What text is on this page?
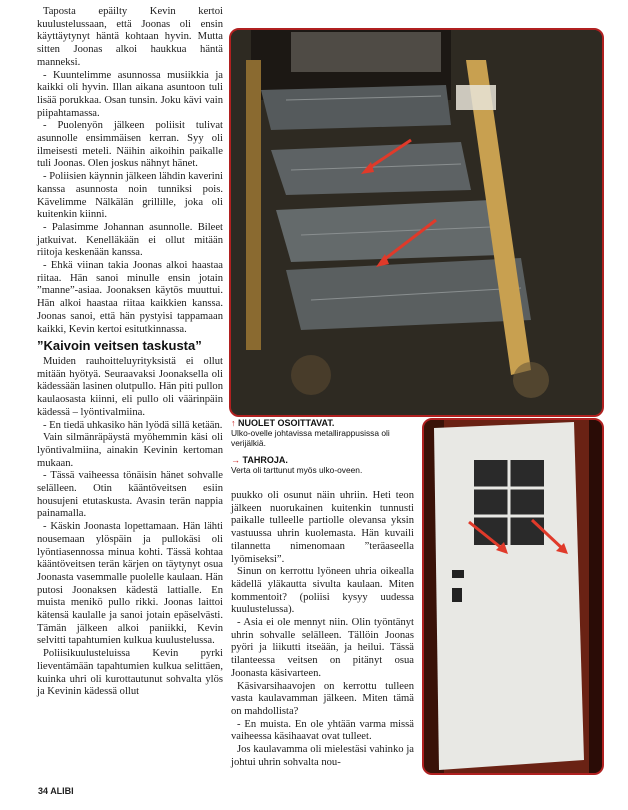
Taposta epäilty Kevin kertoi kuulustelussaan, että Joonas oli ensin käyttäytynyt häntä kohtaan hyvin. Mutta sitten Joonas alkoi haukkua häntä manneksi.

- Kuuntelimme asunnossa musiikkia ja kaikki oli hyvin. Illan aikana asuntoon tuli lisää porukkaa. Osan tunsin. Joku kävi vain piipahtamassa.

- Puolenyön jälkeen poliisit tulivat asunnolle ensimmäisen kerran. Syy oli ilmeisesti meteli. Näihin aikoihin paikalle tuli Joonas. Olen joskus nähnyt hänet.

- Poliisien käynnin jälkeen lähdin kaverini kanssa asunnosta noin tunniksi pois. Kävelimme Nälkälän grillille, joka oli kuitenkin kiinni.

- Palasimme Johannan asunnolle. Bileet jatkuivat. Kenelläkään ei ollut mitään riitoja keskenään kanssa.

- Ehkä viinan takia Joonas alkoi haastaa riitaa. Hän sanoi minulle ensin jotain ”manne”-asiaa. Joonaksen käytös muuttui. Hän alkoi haastaa riitaa kaikkien kanssa. Joonas sanoi, että hän pystyisi tappamaan kaikki, Kevin kertoi esitutkinnassa.

”Kaivoin veitsen taskusta”

Muiden rauhoitteluyrityksistä ei ollut mitään hyötyä. Seuraavaksi Joonaksella oli kädessään lasinen olutpullo. Hän piti pullon kaulaosasta kiinni, eli pullo oli väärinpäin kädessä – lyöntivalmiina.

- En tiedä uhkasiko hän lyödä sillä ketään.

Vain silmänräpäystä myöhemmin käsi oli lyöntivalmiina, ainakin Kevinin kertoman mukaan.

- Tässä vaiheessa tönäisin hänet sohvalle selälleen. Otin kääntöveitsen esiin housujeni etutaskusta. Avasin terän nappia painamalla.

- Käskin Joonasta lopettamaan. Hän lähti nousemaan ylöspäin ja pullokäsi oli lyöntiasennossa minua kohti. Tässä kohtaa kääntöveitsen terän kärjen on täytynyt osua Joonasta vasemmalle puolelle kaulaan. Hän putosi Joonaksen kädestä lattialle. En muista menikö pullo rikki. Joonas laittoi kätensä kaulalle ja sanoi jotain epäselvästi. Tämän jälkeen alkoi paniikki, Kevin selvitti tapahtumien kulkua kuulustelussa.

Poliisikuulusteluissa Kevin pyrki lieventämään tapahtumien kulkua selittäen, kuinka uhri oli kurottautunut sohvalta ylös ja Kevinin kädessä ollut

↑ NUOLET OSOITTAVAT.
Ulko-ovelle johtavissa metallirappusissa oli verijälkiä.
→ TAHROJA.
Verta oli tarttunut myös ulko-oveen.

puukko oli osunut näin uhriin. Heti teon jälkeen nuorukainen kuitenkin tunnusti paikalle tulleelle partiolle olevansa yksin vastuussa uhrin kuolemasta. Hän kuvaili tilannetta nimenomaan ”teräaseella lyömiseksi”.

Sinun on kerrottu lyöneen uhria oikealla kädellä yläkautta sivulta kaulaan. Miten kommentoit? (poliisi kysyy uudessa kuulustelussa).

- Asia ei ole mennyt niin. Olin työntänyt uhrin sohvalle selälleen. Tällöin Joonas pyöri ja liikutti itseään, ja heilui. Tässä tilanteessa veitsen on pitänyt osua Joonasta käsivarteen.

Käsivarsihaavojen on kerrottu tulleen vasta kaulavamman jälkeen. Miten tämä on mahdollista?

- En muista. En ole yhtään varma missä vaiheessa käsihaavat ovat tulleet.

Jos kaulavamma oli mielestäsi vahinko ja johtui uhrin sohvalta nou-

34 ALIBI
